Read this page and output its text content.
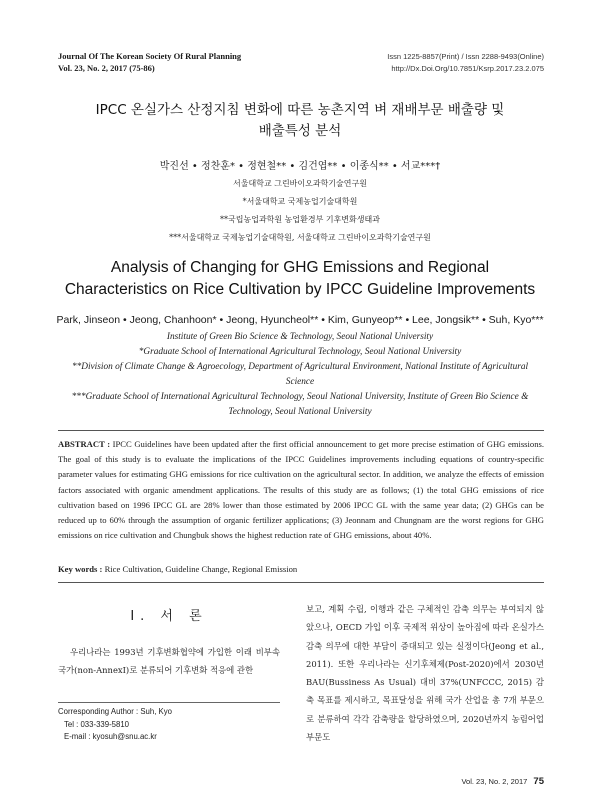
Journal Of The Korean Society Of Rural Planning
Vol. 23, No. 2, 2017 (75-86)
Issn 1225-8857(Print) / Issn 2288-9493(Online)
http://Dx.Doi.Org/10.7851/Ksrp.2017.23.2.075
IPCC 온실가스 산정지침 변화에 따른 농촌지역 벼 재배부문 배출량 및
배출특성 분석
박진선 • 정찬훈* • 정현철** • 김건엽** • 이종식** • 서교***†
서울대학교 그린바이오과학기술연구원
*서울대학교 국제농업기술대학원
**국립농업과학원 농업환경부 기후변화생태과
***서울대학교 국제농업기술대학원, 서울대학교 그린바이오과학기술연구원
Analysis of Changing for GHG Emissions and Regional
Characteristics on Rice Cultivation by IPCC Guideline Improvements
Park, Jinseon • Jeong, Chanhoon* • Jeong, Hyuncheol** • Kim, Gunyeop** • Lee, Jongsik** • Suh, Kyo***
Institute of Green Bio Science & Technology, Seoul National University
*Graduate School of International Agricultural Technology, Seoul National University
**Division of Climate Change & Agroecology, Department of Agricultural Environment, National Institute of Agricultural Science
***Graduate School of International Agricultural Technology, Seoul National University, Institute of Green Bio Science & Technology, Seoul National University
ABSTRACT : IPCC Guidelines have been updated after the first official announcement to get more precise estimation of GHG emissions. The goal of this study is to evaluate the implications of the IPCC Guidelines improvements including equations of country-specific parameter values for estimating GHG emissions for rice cultivation on the agricultural sector. In addition, we analyze the effects of emission factors associated with organic amendment applications. The results of this study are as follows; (1) the total GHG emissions of rice cultivation based on 1996 IPCC GL are 28% lower than those estimated by 2006 IPCC GL with the same year data; (2) GHGs can be reduced up to 60% through the assumption of organic fertilizer applications; (3) Jeonnam and Chungnam are the worst regions for GHG emissions on rice cultivation and Chungbuk shows the highest reduction rate of GHG emissions, about 40%.
Key words : Rice Cultivation, Guideline Change, Regional Emission
Ⅰ. 서 론
우리나라는 1993년 기후변화협약에 가입한 이래 비부속국가(non-AnnexⅠ)로 분류되어 기후변화 적응에 관한
보고, 계획 수립, 이행과 같은 구체적인 감축 의무는 부여되지 않았으나, OECD 가입 이후 국제적 위상이 높아짐에 따라 온실가스 감축 의무에 대한 부담이 증대되고 있는 실정이다(Jeong et al., 2011). 또한 우리나라는 신기후체제(Post-2020)에서 2030년 BAU(Bussiness As Usual) 대비 37%(UNFCCC, 2015) 감축 목표를 제시하고, 목표달성을 위해 국가 산업을 총 7개 부문으로 분류하여 각각 감축량을 할당하였으며, 2020년까지 농림어업부문도
Corresponding Author : Suh, Kyo
Tel : 033-339-5810
E-mail : kyosuh@snu.ac.kr
Vol. 23, No. 2, 2017 75
